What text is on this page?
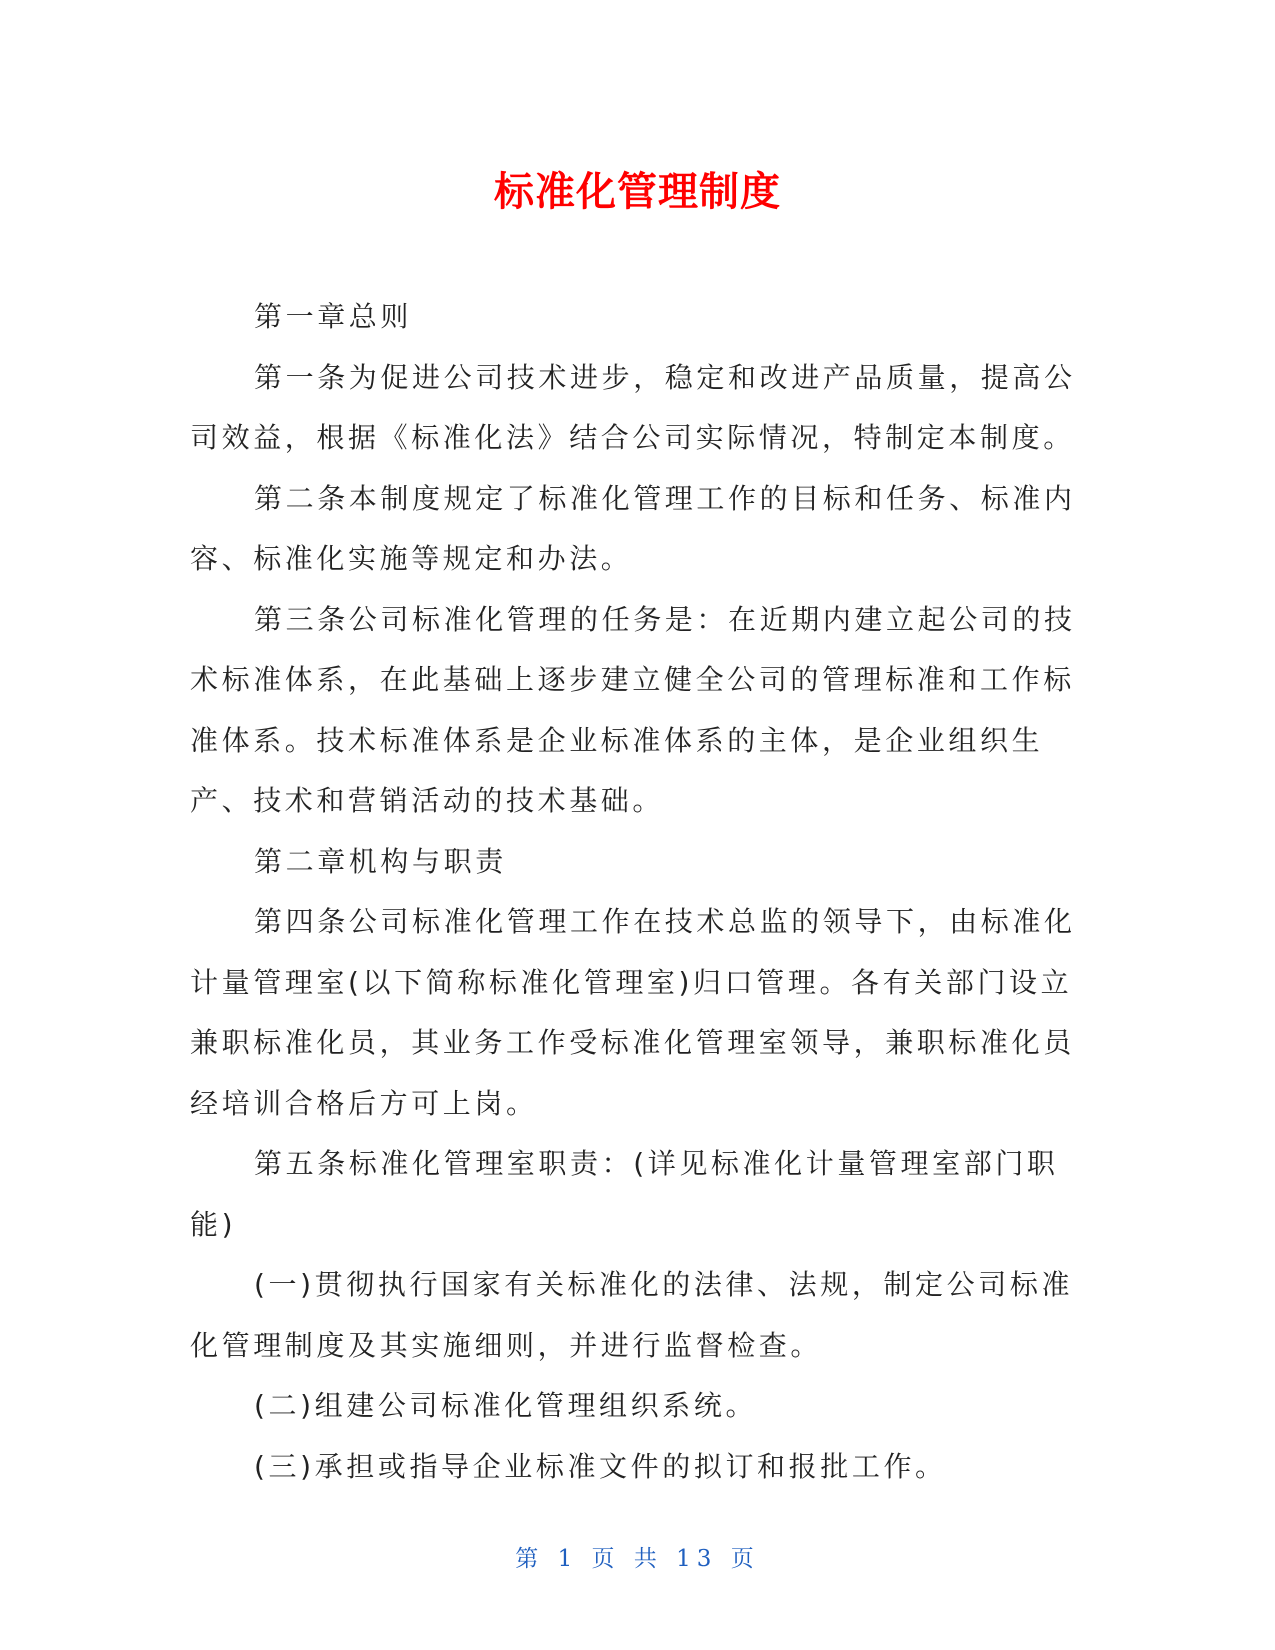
标准化管理制度

第一章总则

第一条为促进公司技术进步，稳定和改进产品质量，提高公司效益，根据《标准化法》结合公司实际情况，特制定本制度。

第二条本制度规定了标准化管理工作的目标和任务、标准内容、标准化实施等规定和办法。

第三条公司标准化管理的任务是：在近期内建立起公司的技术标准体系，在此基础上逐步建立健全公司的管理标准和工作标准体系。技术标准体系是企业标准体系的主体，是企业组织生产、技术和营销活动的技术基础。

第二章机构与职责

第四条公司标准化管理工作在技术总监的领导下，由标准化计量管理室(以下简称标准化管理室)归口管理。各有关部门设立兼职标准化员，其业务工作受标准化管理室领导，兼职标准化员经培训合格后方可上岗。

第五条标准化管理室职责：(详见标准化计量管理室部门职能)

(一)贯彻执行国家有关标准化的法律、法规，制定公司标准化管理制度及其实施细则，并进行监督检查。

(二)组建公司标准化管理组织系统。

(三)承担或指导企业标准文件的拟订和报批工作。

第 1 页 共 13 页
